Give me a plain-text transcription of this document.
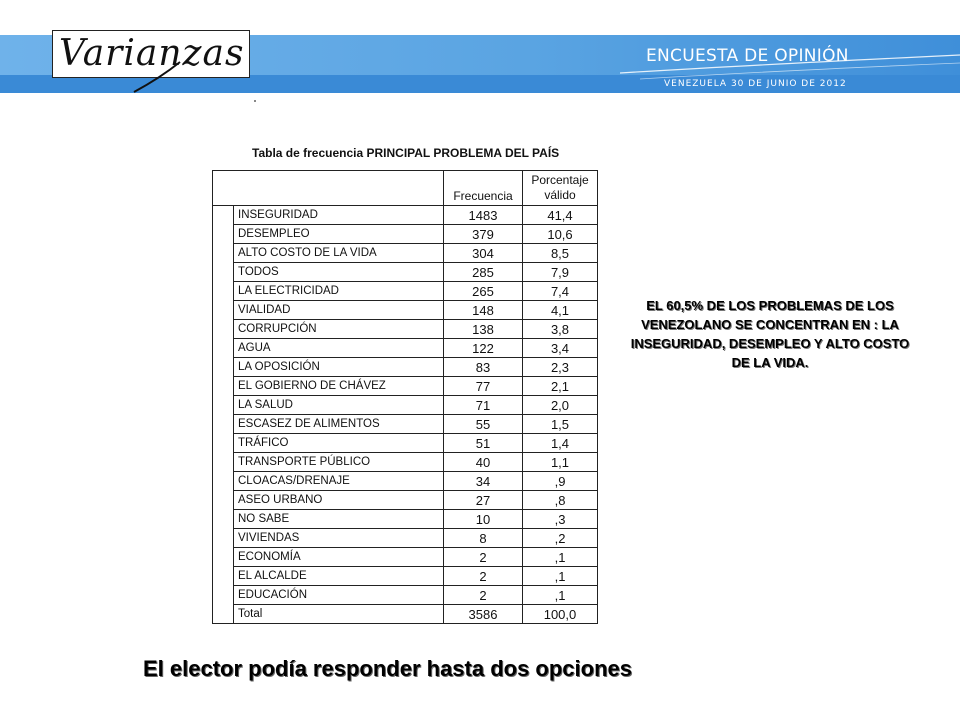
Varianzas	ENCUESTA DE OPINIÓN
VENEZUELA 30 DE JUNIO DE 2012
Tabla de frecuencia PRINCIPAL PROBLEMA DEL PAÍS
		Frecuencia	Porcentaje válido
	INSEGURIDAD	1483	41,4
	DESEMPLEO	379	10,6
	ALTO COSTO DE LA VIDA	304	8,5
	TODOS	285	7,9
	LA ELECTRICIDAD	265	7,4
	VIALIDAD	148	4,1
	CORRUPCIÓN	138	3,8
	AGUA	122	3,4
	LA OPOSICIÓN	83	2,3
	EL GOBIERNO DE CHÁVEZ	77	2,1
	LA SALUD	71	2,0
	ESCASEZ DE ALIMENTOS	55	1,5
	TRÁFICO	51	1,4
	TRANSPORTE PÚBLICO	40	1,1
	CLOACAS/DRENAJE	34	,9
	ASEO URBANO	27	,8
	NO SABE	10	,3
	VIVIENDAS	8	,2
	ECONOMÍA	2	,1
	EL ALCALDE	2	,1
	EDUCACIÓN	2	,1
	Total	3586	100,0
EL 60,5% DE LOS PROBLEMAS DE LOS VENEZOLANO SE CONCENTRAN EN : LA INSEGURIDAD, DESEMPLEO Y ALTO COSTO DE LA VIDA.
El elector podía responder hasta dos opciones
